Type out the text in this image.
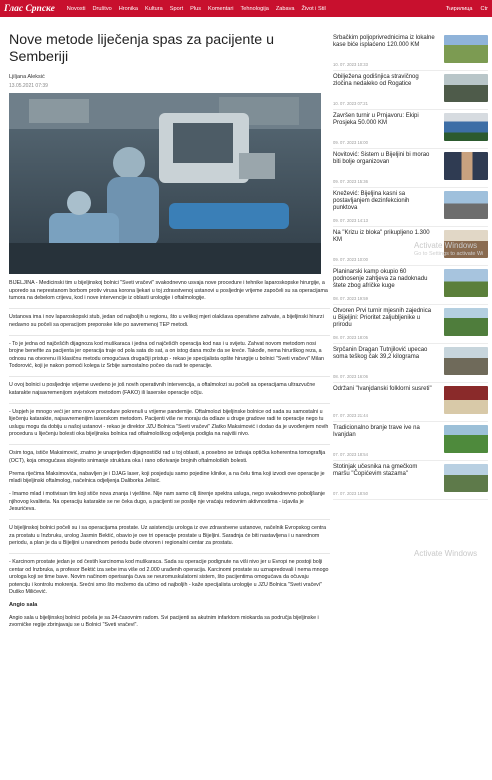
Глас Српске Novosti Društvo Hronika Kultura Sport Plus Komentari Tehnologija Zabava Život i Stil	Ћирилица Ctr
Nove metode liječenja spas za pacijente u Semberiji
Ljiljana Aleksić
13.05.2021 07:39

BIJELJINA - Medicinski tim u bijeljinskoj bolnici "Sveti vračevi" svakodnevno usvaja nove procedure i tehnike laparoskopske hirurgije, a uporedo sa neprestanom borbom protiv virusa korona ljekari u toj zdravstvenoj ustanovi u posljednje vrijeme započeli su sa operacijama tumora na debelom crijevu, kod i nove intervencije iz oblasti urologije i oftalmologije.

Ustanova ima i nov laparoskopski stub, jedan od najboljih u regionu, što u velikoj mjeri olakšava operativne zahvate, a bijeljinski hirurzi nedavno su počeli sa operacijom preponske kile po savremenoj TEP metodi.

- To je jedna od najčešćih dijagnoza kod muškaraca i jedna od najčešćih operacija kod nas i u svijetu. Zahvat novom metodom nosi brojne benefite za pacijenta jer operacija traje od pola sata do sat, a on istog dana može da se kreće. Takođe, nema hirurškog reza, a odnosu na otvorenu ili klasičnu metodu omogućava drugačiji pristup - rekao je specijalista opšte hirurgije u bolnici "Sveti vračevi" Milan Todorović, koji je nakon pomoći kolega iz Srbije samostalno počeo da radi te operacije.

U ovoj bolnici u posljednje vrijeme uvedeno je još novih operativnih intervencija, a oftalmolozi su počeli sa operacijama ultrazvučne katarakte najsavremenijom svjetskom metodom (FAKO) ili laserske operacije očiju.

- Uspjeh je mnogo veći jer smo nove procedure pokrenuli u vrijeme pandemije. Oftalmolozi bijeljinske bolnice od sada su samostalni u liječenju katarakte, najsavremenijim laserskom metodom. Pacijenti više ne moraju da odlaze u druge gradove radi te operacije nego tu uslugu mogu da dobiju u našoj ustanovi - rekao je direktor JZU Bolnica "Sveti vračevi" Zlatko Maksimović i dodao da je uvođenjem novih procedura u liječenju bolesti oka bijeljinska bolnica rad oftalmološkog odjeljenja podigla na najviši nivo.

Osim toga, ističe Maksimović, znatno je unaprijeđen dijagnostički rad u toj oblasti, a posebno se izdvaja optička koherentna tomografija (OCT), koja omogućava slojevito snimanje struktura oka i rano otkrivanje brojnih oftalmoloških bolesti.

Prema riječima Maksimovića, nabavljen je i DJAG laser, koji posjeduju samo pojedine klinike, a na čelu tima koji izvodi ove operacije je mladi bijeljinski oftalmolog, načelnica odjeljenja Daliborka Jelisić.

- Imamo mlad i motivisan tim koji stiče nova znanja i vještine. Nije nam samo cilj širenje spektra usluga, nego svakodnevno poboljšanje njihovog kvaliteta. Na operaciju katarakte se ne čeka dugo, a pacijenti se poslije nje vraćaju redovnim aktivnostima - izjavila je Jesurićeva.

U bijeljinskoj bolnici počeli su i sa operacijama prostate. Uz asistenciju urologa iz ove zdravstvene ustanove, načelnik Evropskog centra za prostatu u Inzbruku, urolog Jasmin Bektić, obavio je ove tri operacije prostate u Bijeljini. Saradnja će biti nastavljena i u narednom periodu, a plan je da u Bijeljini u narednom periodu bude otvoren i regionalni centar za prostatu.

- Karcinom prostate jedan je od čestih karcinoma kod muškaraca. Sada su operacije podignute na viši nivo jer u Evropi ne postoji bolji centar od Inzbruka, a profesor Bektić iza sebe ima više od 2.000 urađenih operacija. Karcinomi prostate su uznapredovali i nema mnogo urologa koji se time bave. Novim načinom operisanja čuva se neuromuskulatorni sistem, što pacijentima omogućava da očuvaju potenciju i kontrolu mokrenja. Srećni smo što možemo da učimo od najboljih - kaže specijalista urologije u JZU Bolnica "Sveti vračevi" Duško Milićević.

Angio sala

Angio sala u bijeljinskoj bolnici počela je sa 24-časovnim radom. Svi pacijenti sa akutnim infarktom miokarda sa područja bijeljinske i zvorničke regije zbrinjavaju se u Bolnici "Sveti vračevi".

Srbačkim poljoprivrednicima iz lokalne kase biće isplaćeno 120.000 KM
10. 07. 2023 10:33
Obilježena godišnjica stravičnog zločina nedaleko od Rogatice
10. 07. 2023 07:21
Završen turnir u Prnjavoru: Ekipi Prosjeka 50.000 KM
09. 07. 2023 16:00
Novitović: Sistem u Bijeljini bi morao biti bolje organizovan
09. 07. 2023 15:36
Knežević: Bijeljina kasni sa postavljanjem dezinfekcionih punktova
09. 07. 2023 14:13
Na "Krizu iz bloka" prikupljeno 1.300 KM
09. 07. 2023 10:00
Planinarski kamp okupio 60 podnosenje zahtjeva za nadoknadu štete zbog afričke kuge
08. 07. 2023 19:59
Otvoren Prvi turnir mjesnih zajednica u Bijeljini: Prioritet zaljubljenike u prirodu
08. 07. 2023 18:05
Srpčanin Dragan Tutnjilović upecao soma teškog čak 39,2 kilograma
08. 07. 2023 16:06
Održani "Ivanjdanski folklorni susreti"
07. 07. 2023 21:44
Tradicionalno branje trave ive na Ivanjdan
07. 07. 2023 18:54
Stotinjak učesnika na gmečkom maršu "Čopićevim stazama"
07. 07. 2023 18:50
Activate Windows
Go to Settings to activate Wi
Activate Windows
